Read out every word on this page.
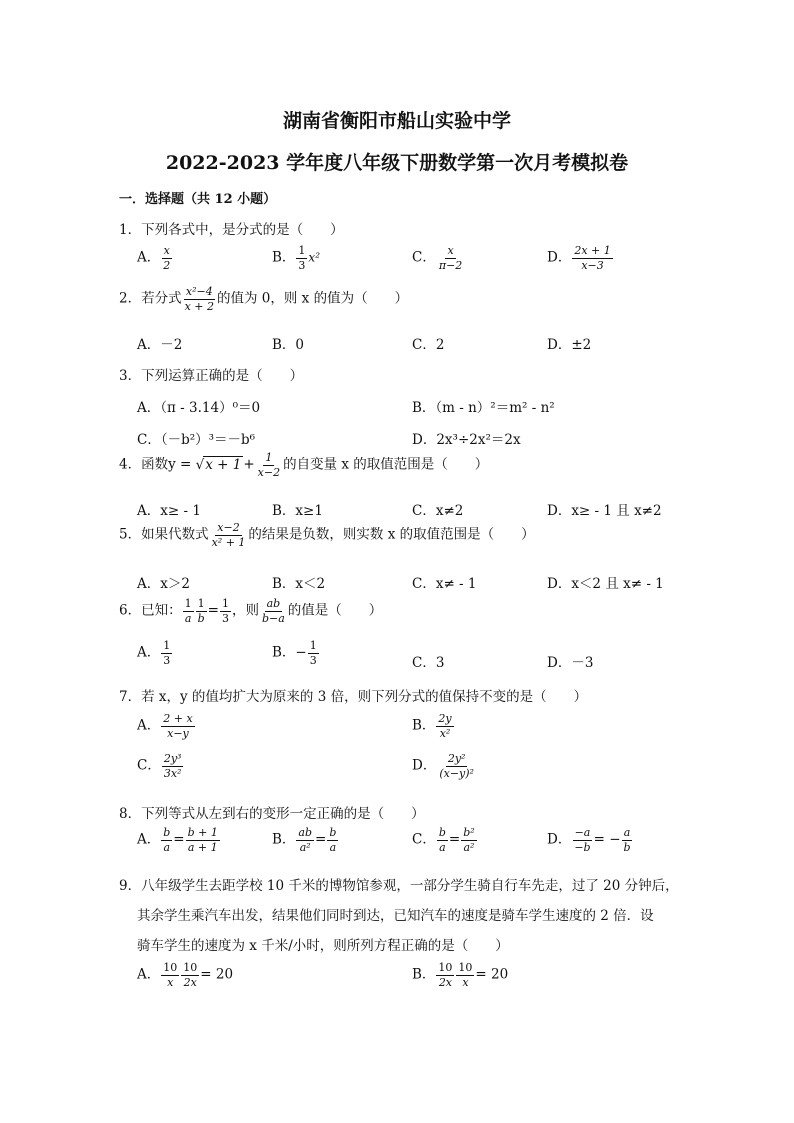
湖南省衡阳市船山实验中学
2022-2023 学年度八年级下册数学第一次月考模拟卷
一．选择题（共 12 小题）
1．下列各式中，是分式的是（　　）
A． $\frac{x}{2}$	B． $\frac{1}{3} x^2$	C． $\frac{x}{\pi-2}$	D． $\frac{2x + 1}{x-3}$
2．若分式 $\frac{\text{x²−4}}{x + 2}$ 的值为 0，则 x 的值为（　　）
A．－2	B．0	C．2	D．±2
3．下列运算正确的是（　　）
A．（π - 3.14）⁰＝0	B．（m - n）²＝m² - n²
C．（－b²）³＝－b⁶	D．2x³÷2x²＝2x
4．函数$y = √x + 1 + \frac{1}{x-2}$ 的自变量 x 的取值范围是（　　）
A．x≥ - 1	B．x≥1	C．x≠2	D．x≥ - 1 且 x≠2
5．如果代数式 $\frac{x-2}{\text{x² + 1}}$ 的结果是负数，则实数 x 的取值范围是（　　）
A．x＞2	B．x＜2	C．x≠ - 1	D．x＜2 且 x≠ - 1
6．已知： $\frac{1}{a} \frac{1}{b} = \frac{1}{3}$ ，则 $\frac{ab}{b-a}$ 的值是（　　）
A． $\frac{1}{3}$	B．− $\frac{1}{3}$	C．3	D．－3
7．若 x，y 的值均扩大为原来的 3 倍，则下列分式的值保持不变的是（　　）
A． $\frac{2 + x}{x-y}$	B． $\frac{2y}{\text{x²}}$
C． $\frac{\text{2y³}}{\text{3x²}}$	D． $\frac{\text{2y²}}{\text{(x−y)²}}$
8．下列等式从左到右的变形一定正确的是（　　）
A． $\frac{b}{a} = \frac{b + 1}{a + 1}$	B． $\frac{ab}{\text{a²}} = \frac{b}{a}$	C． $\frac{b}{a} = \frac{\text{b²}}{\text{a²}}$	D． $\frac{-a}{-b}$ = − $\frac{a}{b}$
9．八年级学生去距学校 10 千米的博物馆参观，一部分学生骑自行车先走，过了 20 分钟后，
其余学生乘汽车出发，结果他们同时到达，已知汽车的速度是骑车学生速度的 2 倍．设
骑车学生的速度为 x 千米/小时，则所列方程正确的是（　　）
A． $\frac{10}{x} \frac{10}{2x} = 20$	B． $\frac{10}{2x} \frac{10}{x} = 20$
